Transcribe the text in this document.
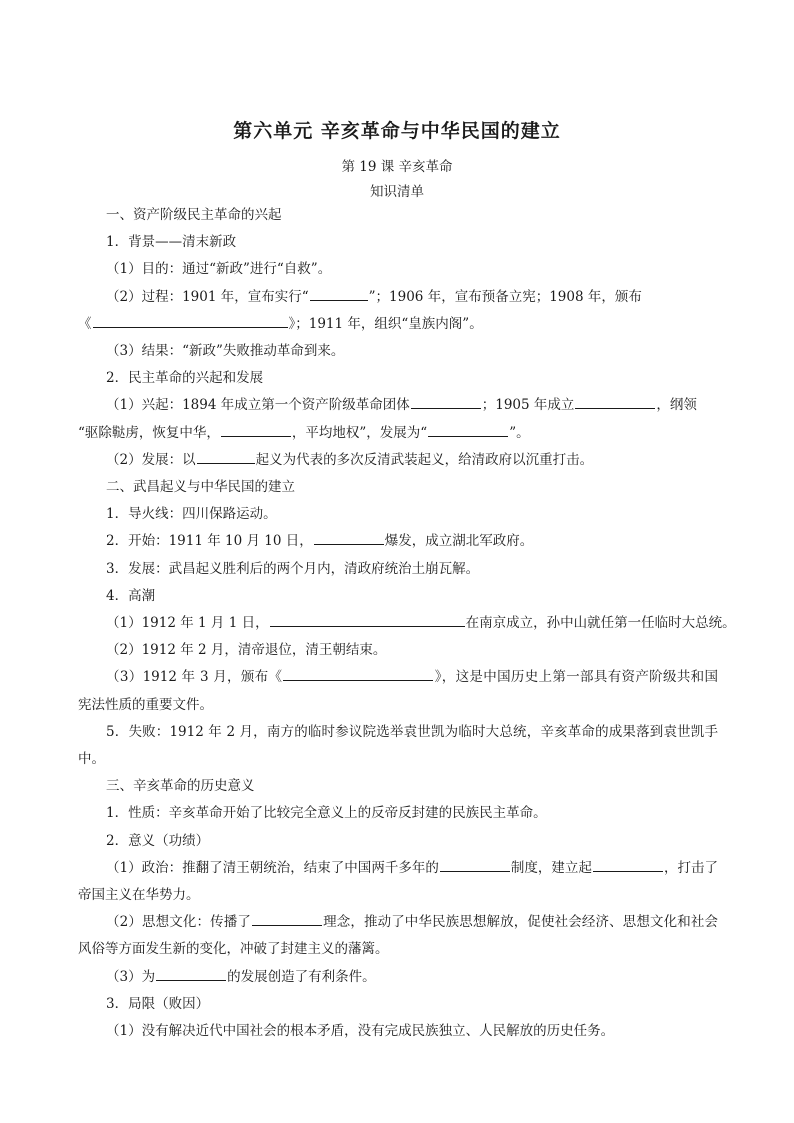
第六单元 辛亥革命与中华民国的建立
第 19 课 辛亥革命
知识清单

一、资产阶级民主革命的兴起

1．背景——清末新政

（1）目的：通过“新政”进行“自救”。

（2）过程：1901 年，宣布实行“	”；1906 年，宣布预备立宪；1908 年，颁布

《	》；1911 年，组织“皇族内阁”。

（3）结果：“新政”失败推动革命到来。

2．民主革命的兴起和发展

（1）兴起：1894 年成立第一个资产阶级革命团体	；1905 年成立	，纲领

“驱除鞑虏，恢复中华，	，平均地权”，发展为“	”。

（2）发展：以	起义为代表的多次反清武装起义，给清政府以沉重打击。

二、武昌起义与中华民国的建立

1．导火线：四川保路运动。

2．开始：1911 年 10 月 10 日，	爆发，成立湖北军政府。

3．发展：武昌起义胜利后的两个月内，清政府统治土崩瓦解。

4．高潮

（1）1912 年 1 月 1 日，	在南京成立，孙中山就任第一任临时大总统。

（2）1912 年 2 月，清帝退位，清王朝结束。

（3）1912 年 3 月，颁布《	》，这是中国历史上第一部具有资产阶级共和国宪法性质的重要文件。

5．失败：1912 年 2 月，南方的临时参议院选举袁世凯为临时大总统，辛亥革命的成果落到袁世凯手中。

三、辛亥革命的历史意义

1．性质：辛亥革命开始了比较完全意义上的反帝反封建的民族民主革命。

2．意义（功绩）

（1）政治：推翻了清王朝统治，结束了中国两千多年的	制度，建立起	，打击了帝国主义在华势力。

（2）思想文化：传播了	理念，推动了中华民族思想解放，促使社会经济、思想文化和社会风俗等方面发生新的变化，冲破了封建主义的藩篱。

（3）为	的发展创造了有利条件。

3．局限（败因）

（1）没有解决近代中国社会的根本矛盾，没有完成民族独立、人民解放的历史任务。
